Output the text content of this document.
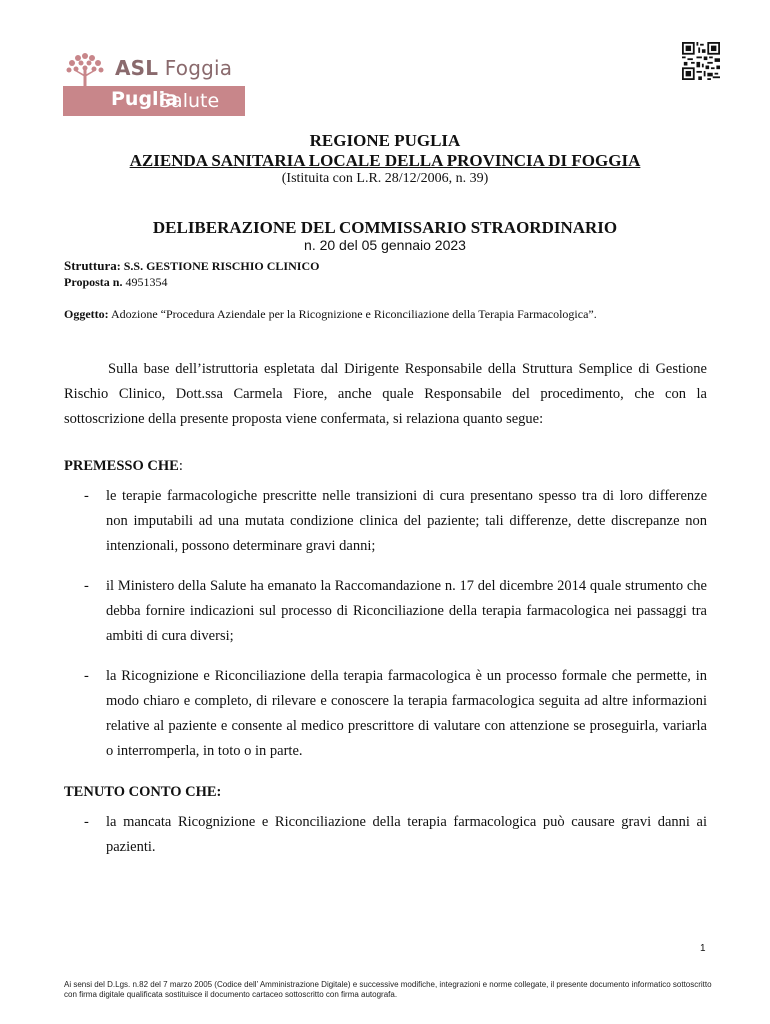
ASL Foggia
Puglia
Salute
REGIONE PUGLIA
AZIENDA SANITARIA LOCALE DELLA PROVINCIA DI FOGGIA
(Istituita con L.R. 28/12/2006, n. 39)
DELIBERAZIONE DEL COMMISSARIO STRAORDINARIO
n. 20 del 05 gennaio 2023
Struttura: S.S. GESTIONE RISCHIO CLINICO
Proposta n. 4951354
Oggetto: Adozione “Procedura Aziendale per la Ricognizione e Riconciliazione della Terapia Farmacologica”.
Sulla base dell’istruttoria espletata dal Dirigente Responsabile della Struttura Semplice di Gestione Rischio Clinico, Dott.ssa Carmela Fiore, anche quale Responsabile del procedimento, che con la sottoscrizione della presente proposta viene confermata, si relaziona quanto segue:
PREMESSO CHE:
- le terapie farmacologiche prescritte nelle transizioni di cura presentano spesso tra di loro differenze non imputabili ad una mutata condizione clinica del paziente; tali differenze, dette discrepanze non intenzionali, possono determinare gravi danni;
- il Ministero della Salute ha emanato la Raccomandazione n. 17 del dicembre 2014 quale strumento che debba fornire indicazioni sul processo di Riconciliazione della terapia farmacologica nei passaggi tra ambiti di cura diversi;
- la Ricognizione e Riconciliazione della terapia farmacologica è un processo formale che permette, in modo chiaro e completo, di rilevare e conoscere la terapia farmacologica seguita ad altre informazioni relative al paziente e consente al medico prescrittore di valutare con attenzione se proseguirla, variarla o interromperla, in toto o in parte.
TENUTO CONTO CHE:
- la mancata Ricognizione e Riconciliazione della terapia farmacologica può causare gravi danni ai pazienti.
1
Ai sensi del D.Lgs. n.82 del 7 marzo 2005 (Codice dell’ Amministrazione Digitale) e successive modifiche, integrazioni e norme collegate, il presente documento informatico sottoscritto con firma digitale qualificata sostituisce il documento cartaceo sottoscritto con firma autografa.
